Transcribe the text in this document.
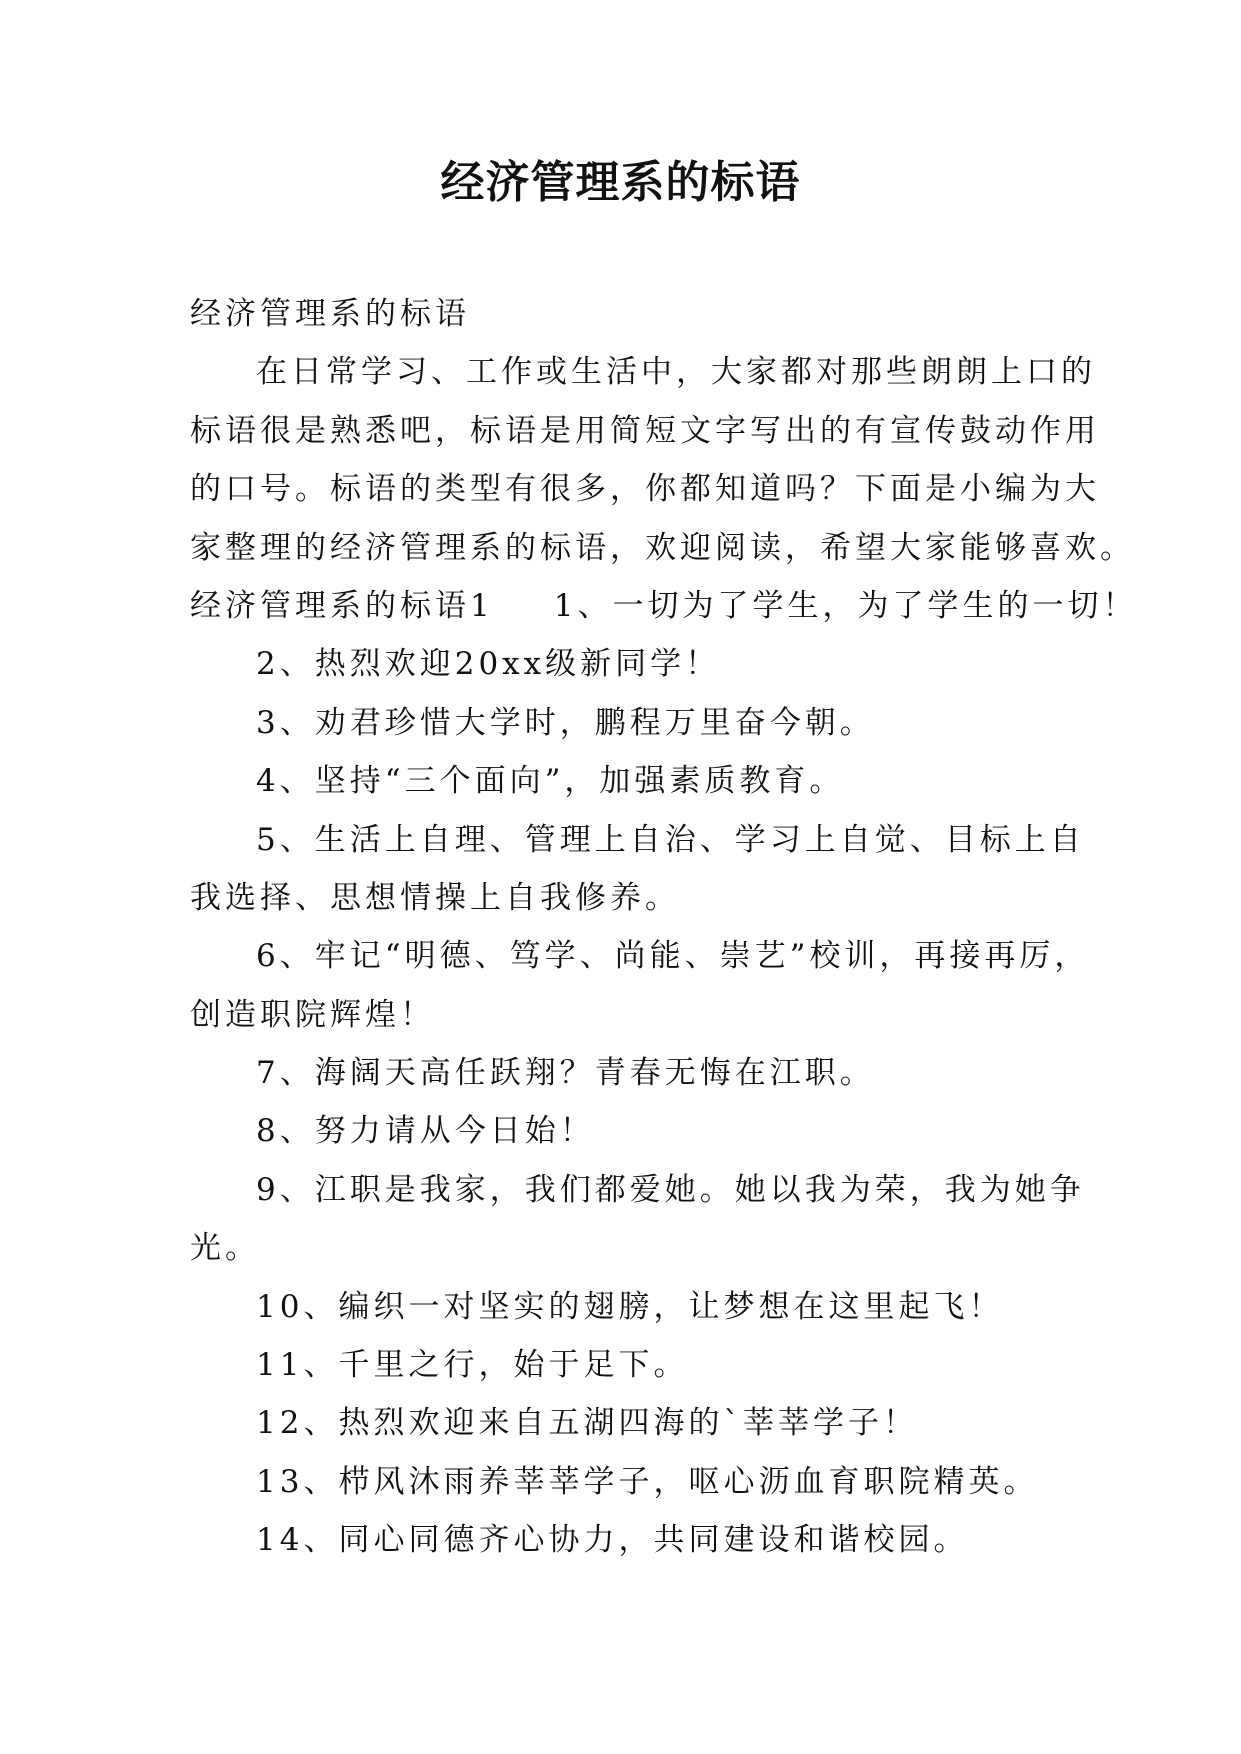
经济管理系的标语

经济管理系的标语

在日常学习、工作或生活中，大家都对那些朗朗上口的

标语很是熟悉吧，标语是用简短文字写出的有宣传鼓动作用

的口号。标语的类型有很多，你都知道吗？下面是小编为大

家整理的经济管理系的标语，欢迎阅读，希望大家能够喜欢。

经济管理系的标语1 1、一切为了学生，为了学生的一切！

2、热烈欢迎20xx级新同学！

3、劝君珍惜大学时，鹏程万里奋今朝。

4、坚持“三个面向”，加强素质教育。

5、生活上自理、管理上自治、学习上自觉、目标上自

我选择、思想情操上自我修养。

6、牢记“明德、笃学、尚能、崇艺”校训，再接再厉，

创造职院辉煌！

7、海阔天高任跃翔？青春无悔在江职。

8、努力请从今日始！

9、江职是我家，我们都爱她。她以我为荣，我为她争

光。

10、编织一对坚实的翅膀，让梦想在这里起飞！

11、千里之行，始于足下。

12、热烈欢迎来自五湖四海的`莘莘学子！

13、栉风沐雨养莘莘学子，呕心沥血育职院精英。

14、同心同德齐心协力，共同建设和谐校园。
